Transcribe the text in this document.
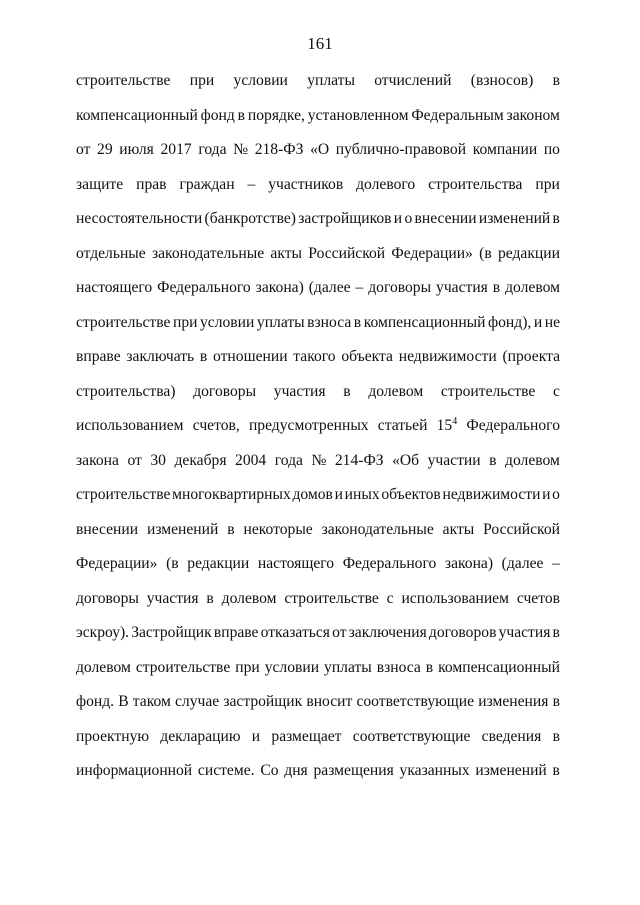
161
строительстве при условии уплаты отчислений (взносов) в
компенсационный фонд в порядке, установленном Федеральным законом
от 29 июля 2017 года № 218-ФЗ «О публично-правовой компании по
защите прав граждан – участников долевого строительства при
несостоятельности (банкротстве) застройщиков и о внесении изменений в
отдельные законодательные акты Российской Федерации» (в редакции
настоящего Федерального закона) (далее – договоры участия в долевом
строительстве при условии уплаты взноса в компенсационный фонд), и не
вправе заключать в отношении такого объекта недвижимости (проекта
строительства) договоры участия в долевом строительстве с
использованием счетов, предусмотренных статьей $15^4$ Федерального
закона от 30 декабря 2004 года № 214-ФЗ «Об участии в долевом
строительстве многоквартирных домов и иных объектов недвижимости и о
внесении изменений в некоторые законодательные акты Российской
Федерации» (в редакции настоящего Федерального закона) (далее –
договоры участия в долевом строительстве с использованием счетов
эскроу). Застройщик вправе отказаться от заключения договоров участия в
долевом строительстве при условии уплаты взноса в компенсационный
фонд. В таком случае застройщик вносит соответствующие изменения в
проектную декларацию и размещает соответствующие сведения в
информационной системе. Со дня размещения указанных изменений в
